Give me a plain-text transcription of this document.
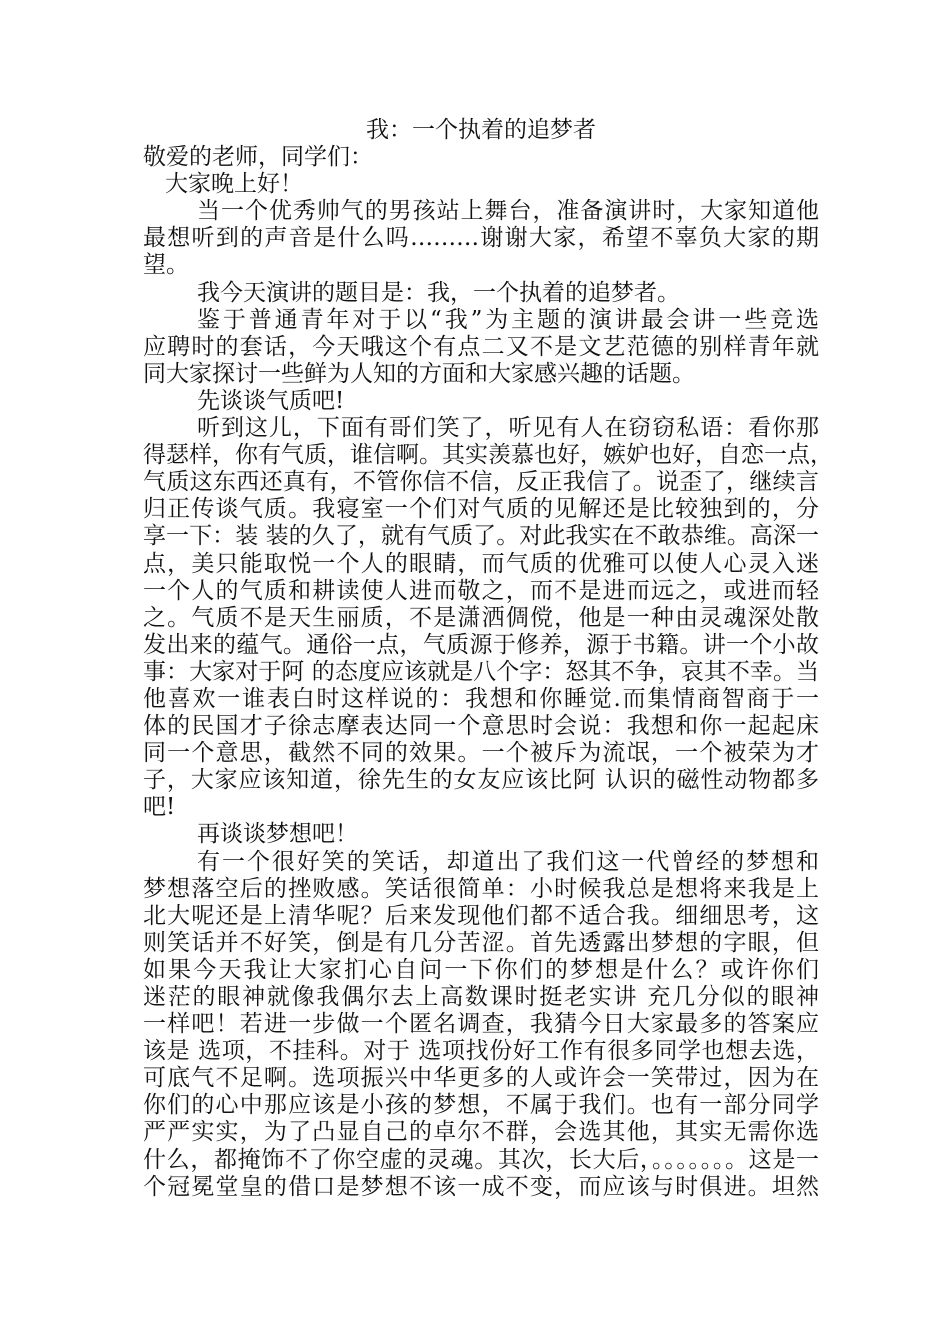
我：一个执着的追梦者
敬爱的老师，同学们：
大家晚上好！
当一个优秀帅气的男孩站上舞台，准备演讲时，大家知道他
最想听到的声音是什么吗………谢谢大家，希望不辜负大家的期
望。
我今天演讲的题目是：我，一个执着的追梦者。
鉴于普通青年对于以“我”为主题的演讲最会讲一些竞选
应聘时的套话，今天哦这个有点二又不是文艺范德的别样青年就
同大家探讨一些鲜为人知的方面和大家感兴趣的话题。
先谈谈气质吧!
听到这儿，下面有哥们笑了，听见有人在窃窃私语：看你那
得瑟样，你有气质，谁信啊。其实羡慕也好，嫉妒也好，自恋一点，
气质这东西还真有，不管你信不信，反正我信了。说歪了，继续言
归正传谈气质。我寝室一个们对气质的见解还是比较独到的，分
享一下：装 装的久了，就有气质了。对此我实在不敢恭维。高深一
点，美只能取悦一个人的眼睛，而气质的优雅可以使人心灵入迷
一个人的气质和耕读使人进而敬之，而不是进而远之，或进而轻
之。气质不是天生丽质，不是潇洒倜傥，他是一种由灵魂深处散
发出来的蕴气。通俗一点，气质源于修养，源于书籍。讲一个小故
事：大家对于阿 的态度应该就是八个字：怒其不争，哀其不幸。当
他喜欢一谁表白时这样说的：我想和你睡觉.而集情商智商于一
体的民国才子徐志摩表达同一个意思时会说：我想和你一起起床
同一个意思，截然不同的效果。一个被斥为流氓，一个被荣为才
子，大家应该知道，徐先生的女友应该比阿 认识的磁性动物都多
吧!
再谈谈梦想吧！
有一个很好笑的笑话，却道出了我们这一代曾经的梦想和
梦想落空后的挫败感。笑话很简单：小时候我总是想将来我是上
北大呢还是上清华呢？后来发现他们都不适合我。细细思考，这
则笑话并不好笑，倒是有几分苦涩。首先透露出梦想的字眼，但
如果今天我让大家扪心自问一下你们的梦想是什么？或许你们
迷茫的眼神就像我偶尔去上高数课时挺老实讲 充几分似的眼神
一样吧！若进一步做一个匿名调查，我猜今日大家最多的答案应
该是 选项，不挂科。对于 选项找份好工作有很多同学也想去选，
可底气不足啊。选项振兴中华更多的人或许会一笑带过，因为在
你们的心中那应该是小孩的梦想，不属于我们。也有一部分同学
严严实实，为了凸显自己的卓尔不群，会选其他，其实无需你选
什么，都掩饰不了你空虚的灵魂。其次，长大后，。。。。。。。这是一
个冠冕堂皇的借口是梦想不该一成不变，而应该与时俱进。坦然
